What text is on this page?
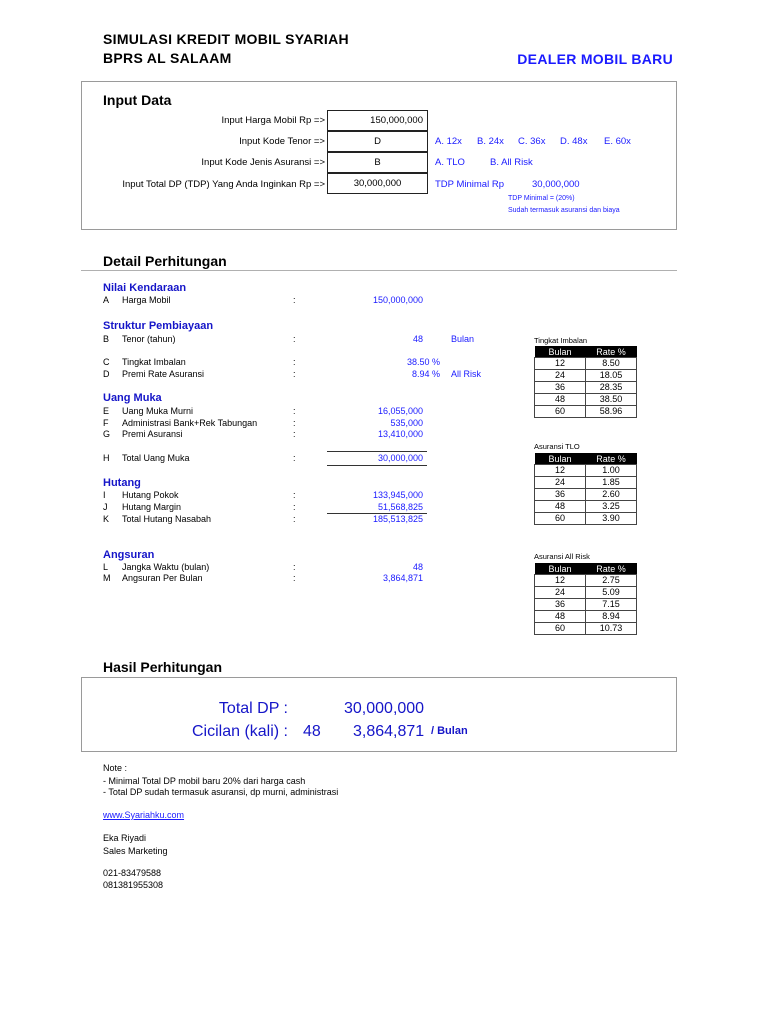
SIMULASI KREDIT MOBIL SYARIAH
BPRS AL SALAAM	DEALER MOBIL BARU
Input Data
Input Harga Mobil Rp =>	150,000,000
Input Kode Tenor =>	D	A. 12x B. 24x C. 36x D. 48x E. 60x
Input Kode Jenis Asuransi =>	B	A. TLO	B. All Risk
Input Total DP (TDP) Yang Anda Inginkan Rp =>	30,000,000	TDP Minimal Rp	30,000,000
TDP Minimal = (20%)
Sudah termasuk asuransi dan biaya
Detail Perhitungan
Nilai Kendaraan
A Harga Mobil	:	150,000,000
Struktur Pembiayaan
B Tenor (tahun)	:	48	Bulan
C Tingkat Imbalan	:	38.50 %
D Premi Rate Asuransi	:	8.94 % All Risk
Uang Muka
E Uang Muka Murni	:	16,055,000
F Administrasi Bank+Rek Tabungan	:	535,000
G Premi Asuransi	:	13,410,000
H Total Uang Muka	:	30,000,000
Hutang
I Hutang Pokok	:	133,945,000
J Hutang Margin	:	51,568,825
K Total Hutang Nasabah	:	185,513,825
Angsuran
L Jangka Waktu (bulan)	:	48
M Angsuran Per Bulan	:	3,864,871
Tingkat Imbalan
Bulan	Rate %
12	8.50
24	18.05
36	28.35
48	38.50
60	58.96
Asuransi TLO
Bulan	Rate %
12	1.00
24	1.85
36	2.60
48	3.25
60	3.90
Asuransi All Risk
Bulan	Rate %
12	2.75
24	5.09
36	7.15
48	8.94
60	10.73
Hasil Perhitungan
Total DP :	30,000,000
Cicilan (kali) : 48 3,864,871 / Bulan
Note :
- Minimal Total DP mobil baru 20% dari harga cash
- Total DP sudah termasuk asuransi, dp murni, administrasi
www.Syariahku.com
Eka Riyadi
Sales Marketing
021-83479588
081381955308
